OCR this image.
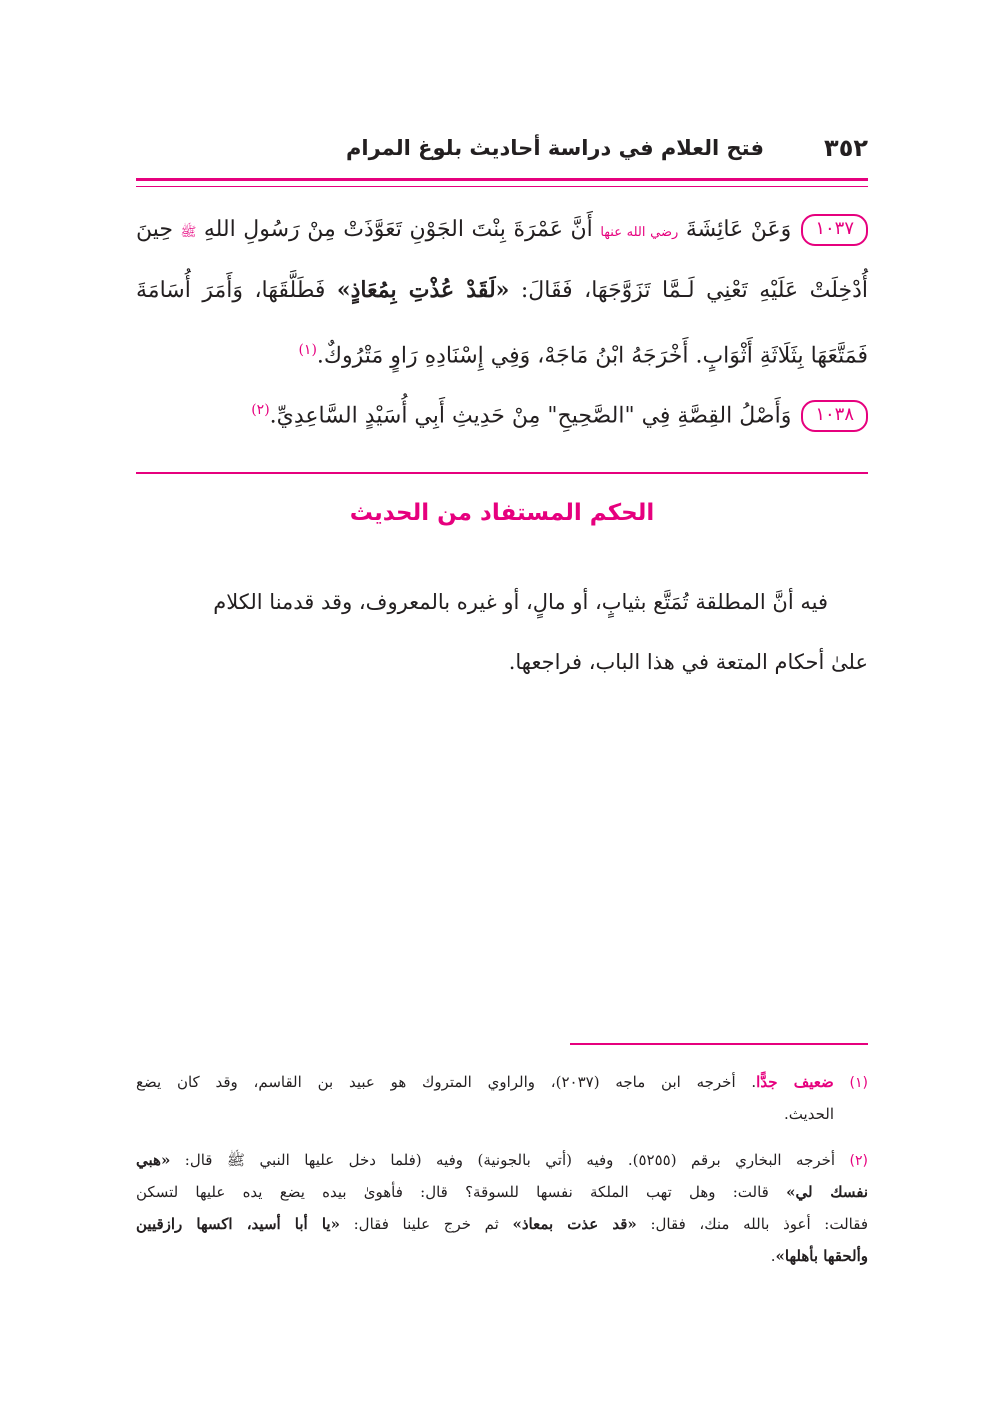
٣٥٢
فتح العلام في دراسة أحاديث بلوغ المرام
١٠٣٧وَعَنْ عَائِشَةَ رضي الله عنها أَنَّ عَمْرَةَ بِنْتَ الجَوْنِ تَعَوَّذَتْ مِنْ رَسُولِ اللهِ ﷺ حِينَ
أُدْخِلَتْ عَلَيْهِ تَعْنِي لَـمَّا تَزَوَّجَهَا، فَقَالَ: «لَقَدْ عُذْتِ بِمُعَاذٍ» فَطَلَّقَهَا، وَأَمَرَ أُسَامَةَ
فَمَتَّعَهَا بِثَلَاثَةِ أَثْوَابٍ. أَخْرَجَهُ ابْنُ مَاجَهْ، وَفِي إِسْنَادِهِ رَاوٍ مَتْرُوكٌ.$^{(١)}$
١٠٣٨وَأَصْلُ القِصَّةِ فِي "الصَّحِيحِ" مِنْ حَدِيثِ أَبِي أُسَيْدٍ السَّاعِدِيِّ.$^{(٢)}$
الحكم المستفاد من الحديث
فيه أنَّ المطلقة تُمَتَّع بثيابٍ، أو مالٍ، أو غيره بالمعروف، وقد قدمنا الكلام
علىٰ أحكام المتعة في هذا الباب، فراجعها.
(١) ضعيف جدًّا. أخرجه ابن ماجه (٢٠٣٧)، والراوي المتروك هو عبيد بن القاسم، وقد كان يضع
الحديث.
(٢) أخرجه البخاري برقم (٥٢٥٥). وفيه (أتي بالجونية) وفيه (فلما دخل عليها النبي ﷺ قال: «هبي
نفسك لي» قالت: وهل تهب الملكة نفسها للسوقة؟ قال: فأهوىٰ بيده يضع يده عليها لتسكن
فقالت: أعوذ بالله منك، فقال: «قد عذت بمعاذ» ثم خرج علينا فقال: «يا أبا أسيد، اكسها رازقيين
وألحقها بأهلها».
